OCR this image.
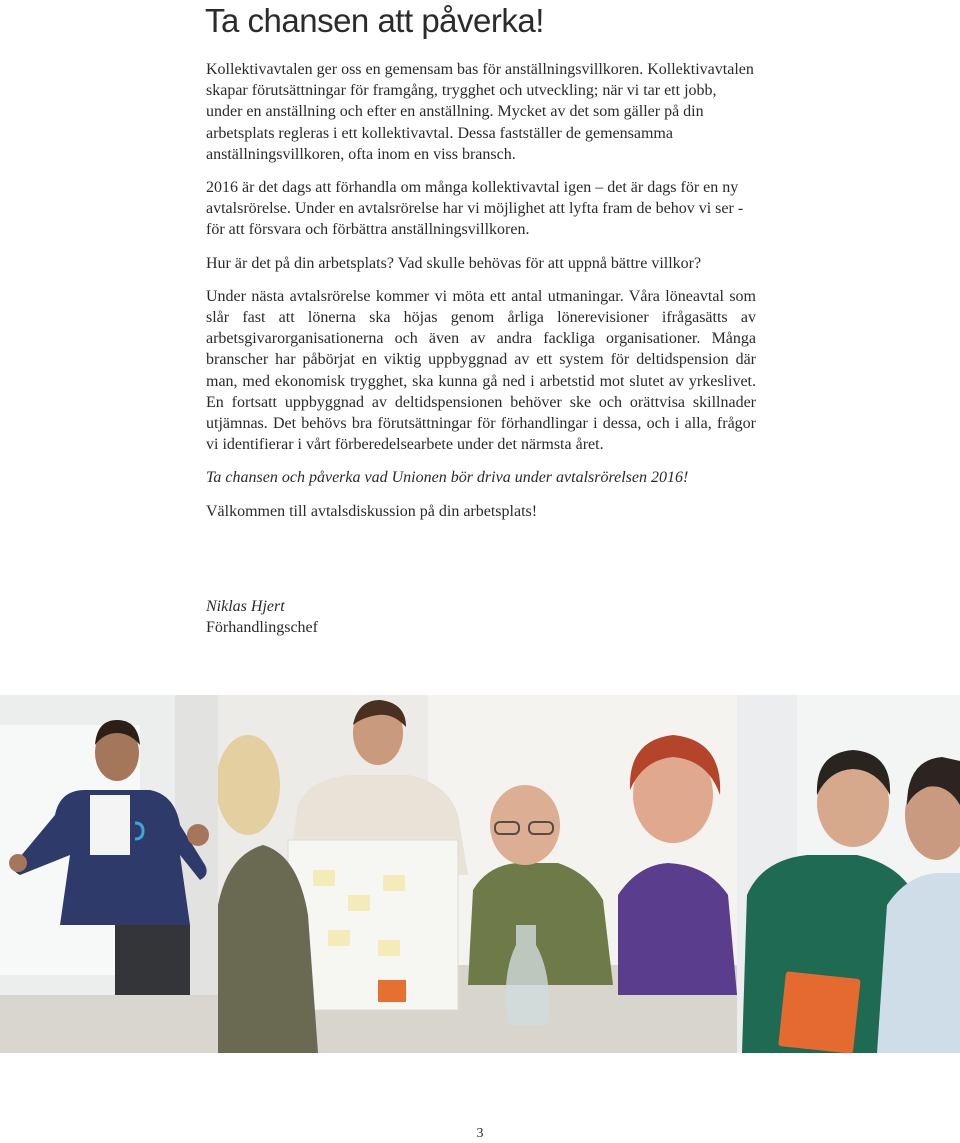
Ta chansen att påverka!

Kollektivavtalen ger oss en gemensam bas för anställningsvillkoren. Kollektivavtalen skapar förutsättningar för framgång, trygghet och utveckling; när vi tar ett jobb, under en anställning och efter en anställning. Mycket av det som gäller på din arbetsplats regleras i ett kollektivavtal. Dessa fastställer de gemensamma anställningsvillkoren, ofta inom en viss bransch.

2016 är det dags att förhandla om många kollektivavtal igen – det är dags för en ny avtalsrörelse. Under en avtalsrörelse har vi möjlighet att lyfta fram de behov vi ser - för att försvara och förbättra anställningsvillkoren.

Hur är det på din arbetsplats? Vad skulle behövas för att uppnå bättre villkor?

Under nästa avtalsrörelse kommer vi möta ett antal utmaningar. Våra löneavtal som slår fast att lönerna ska höjas genom årliga lönerevisioner ifrågasätts av arbetsgivarorganisationerna och även av andra fackliga organisationer. Många branscher har påbörjat en viktig uppbyggnad av ett system för deltidspension där man, med ekonomisk trygghet, ska kunna gå ned i arbetstid mot slutet av yrkeslivet. En fortsatt uppbyggnad av deltidspensionen behöver ske och orättvisa skillnader utjämnas. Det behövs bra förutsättningar för förhandlingar i dessa, och i alla, frågor vi identifierar i vårt förberedelsearbete under det närmsta året.

Ta chansen och påverka vad Unionen bör driva under avtalsrörelsen 2016!

Välkommen till avtalsdiskussion på din arbetsplats!

Niklas Hjert
Förhandlingschef
3
